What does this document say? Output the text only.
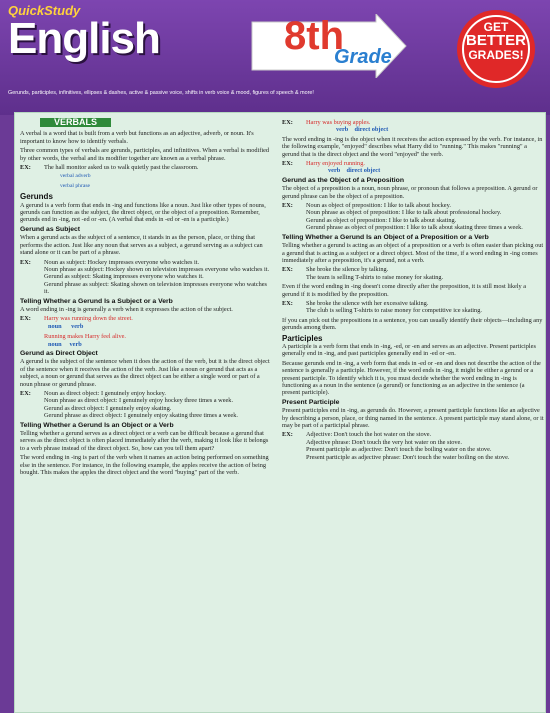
QuickStudy
English	8th
Grade
GET
BETTER
GRADES!
Gerunds, participles, infinitives, ellipses & dashes, active & passive voice, shifts in verb voice & mood, figures of speech & more!
VERBALS
A verbal is a word that is built from a verb but functions as an adjective, adverb, or noun. It's important to know how to identify verbals.
Three common types of verbals are gerunds, participles, and infinitives. When a verbal is modified by other words, the verbal and its modifier together are known as a verbal phrase.
EX:	The hall monitor asked us to walk quietly past the classroom.
verbal adverb
verbal phrase
Gerunds
A gerund is a verb form that ends in -ing and functions like a noun. Just like other types of nouns, gerunds can function as the subject, the direct object, or the object of a preposition. Remember, gerunds end in -ing, not -ed or -en. (A verbal that ends in -ed or -en is a participle.)
Gerund as Subject
When a gerund acts as the subject of a sentence, it stands in as the person, place, or thing that performs the action. Just like any noun that serves as a subject, a gerund serving as a subject can stand alone or it can be part of a phrase.
EX:	Noun as subject: Hockey impresses everyone who watches it.
Noun phrase as subject: Hockey shown on television impresses everyone who watches it.
Gerund as subject: Skating impresses everyone who watches it.
Gerund phrase as subject: Skating shown on television impresses everyone who watches it.
Telling Whether a Gerund Is a Subject or a Verb
A word ending in -ing is generally a verb when it expresses the action of the subject.
EX:	Harry was running down the street.
noun verb
Running makes Harry feel alive.
noun verb
Gerund as Direct Object
A gerund is the subject of the sentence when it does the action of the verb, but it is the direct object of the sentence when it receives the action of the verb. Just like a noun or gerund that acts as a subject, a noun or gerund that serves as the direct object can be either a single word or part of a noun phrase or gerund phrase.
EX:	Noun as direct object: I genuinely enjoy hockey.
Noun phrase as direct object: I genuinely enjoy hockey three times a week.
Gerund as direct object: I genuinely enjoy skating.
Gerund phrase as direct object: I genuinely enjoy skating three times a week.
Telling Whether a Gerund Is an Object or a Verb
Telling whether a gerund serves as a direct object or a verb can be difficult because a gerund that serves as the direct object is often placed immediately after the verb, making it look like it belongs to a verb phrase instead of the direct object. So, how can you tell them apart?
The word ending in -ing is part of the verb when it names an action being performed on something else in the sentence. For instance, in the following example, the apples receive the action of being bought. This makes the apples the direct object and the word "buying" part of the verb.
EX:	Harry was buying apples.
verb direct object
The word ending in -ing is the object when it receives the action expressed by the verb. For instance, in the following example, "enjoyed" describes what Harry did to "running." This makes "running" a gerund that is the direct object and the word "enjoyed" the verb.
EX:	Harry enjoyed running.
verb direct object
Gerund as the Object of a Preposition
The object of a preposition is a noun, noun phrase, or pronoun that follows a preposition. A gerund or gerund phrase can be the object of a preposition.
EX:	Noun as object of preposition: I like to talk about hockey.
Noun phrase as object of preposition: I like to talk about professional hockey.
Gerund as object of preposition: I like to talk about skating.
Gerund phrase as object of preposition: I like to talk about skating three times a week.
Telling Whether a Gerund Is an Object of a Preposition or a Verb
Telling whether a gerund is acting as an object of a preposition or a verb is often easier than picking out a gerund that is acting as a subject or a direct object. Most of the time, if a word ending in -ing comes immediately after a preposition, it's a gerund, not a verb.
EX:	She broke the silence by talking.
The team is selling T-shirts to raise money for skating.
Even if the word ending in -ing doesn't come directly after the preposition, it is still most likely a gerund if it is modified by the preposition.
EX:	She broke the silence with her excessive talking.
The club is selling T-shirts to raise money for competitive ice skating.
If you can pick out the prepositions in a sentence, you can usually identify their objects—including any gerunds among them.
Participles
A participle is a verb form that ends in -ing, -ed, or -en and serves as an adjective. Present participles generally end in -ing, and past participles generally end in -ed or -en.
Because gerunds end in -ing, a verb form that ends in -ed or -en and does not describe the action of the sentence is generally a participle. However, if the word ends in -ing, it might be either a gerund or a present participle. To identify which it is, you must decide whether the word ending in -ing is functioning as a noun in the sentence (a gerund) or functioning as an adjective in the sentence (a present participle).
Present Participle
Present participles end in -ing, as gerunds do. However, a present participle functions like an adjective by describing a person, place, or thing named in the sentence. A present participle may stand alone, or it may be part of a participial phrase.
EX:	Adjective: Don't touch the hot water on the stove.
Adjective phrase: Don't touch the very hot water on the stove.
Present participle as adjective: Don't touch the boiling water on the stove.
Present participle as adjective phrase: Don't touch the water boiling on the stove.
